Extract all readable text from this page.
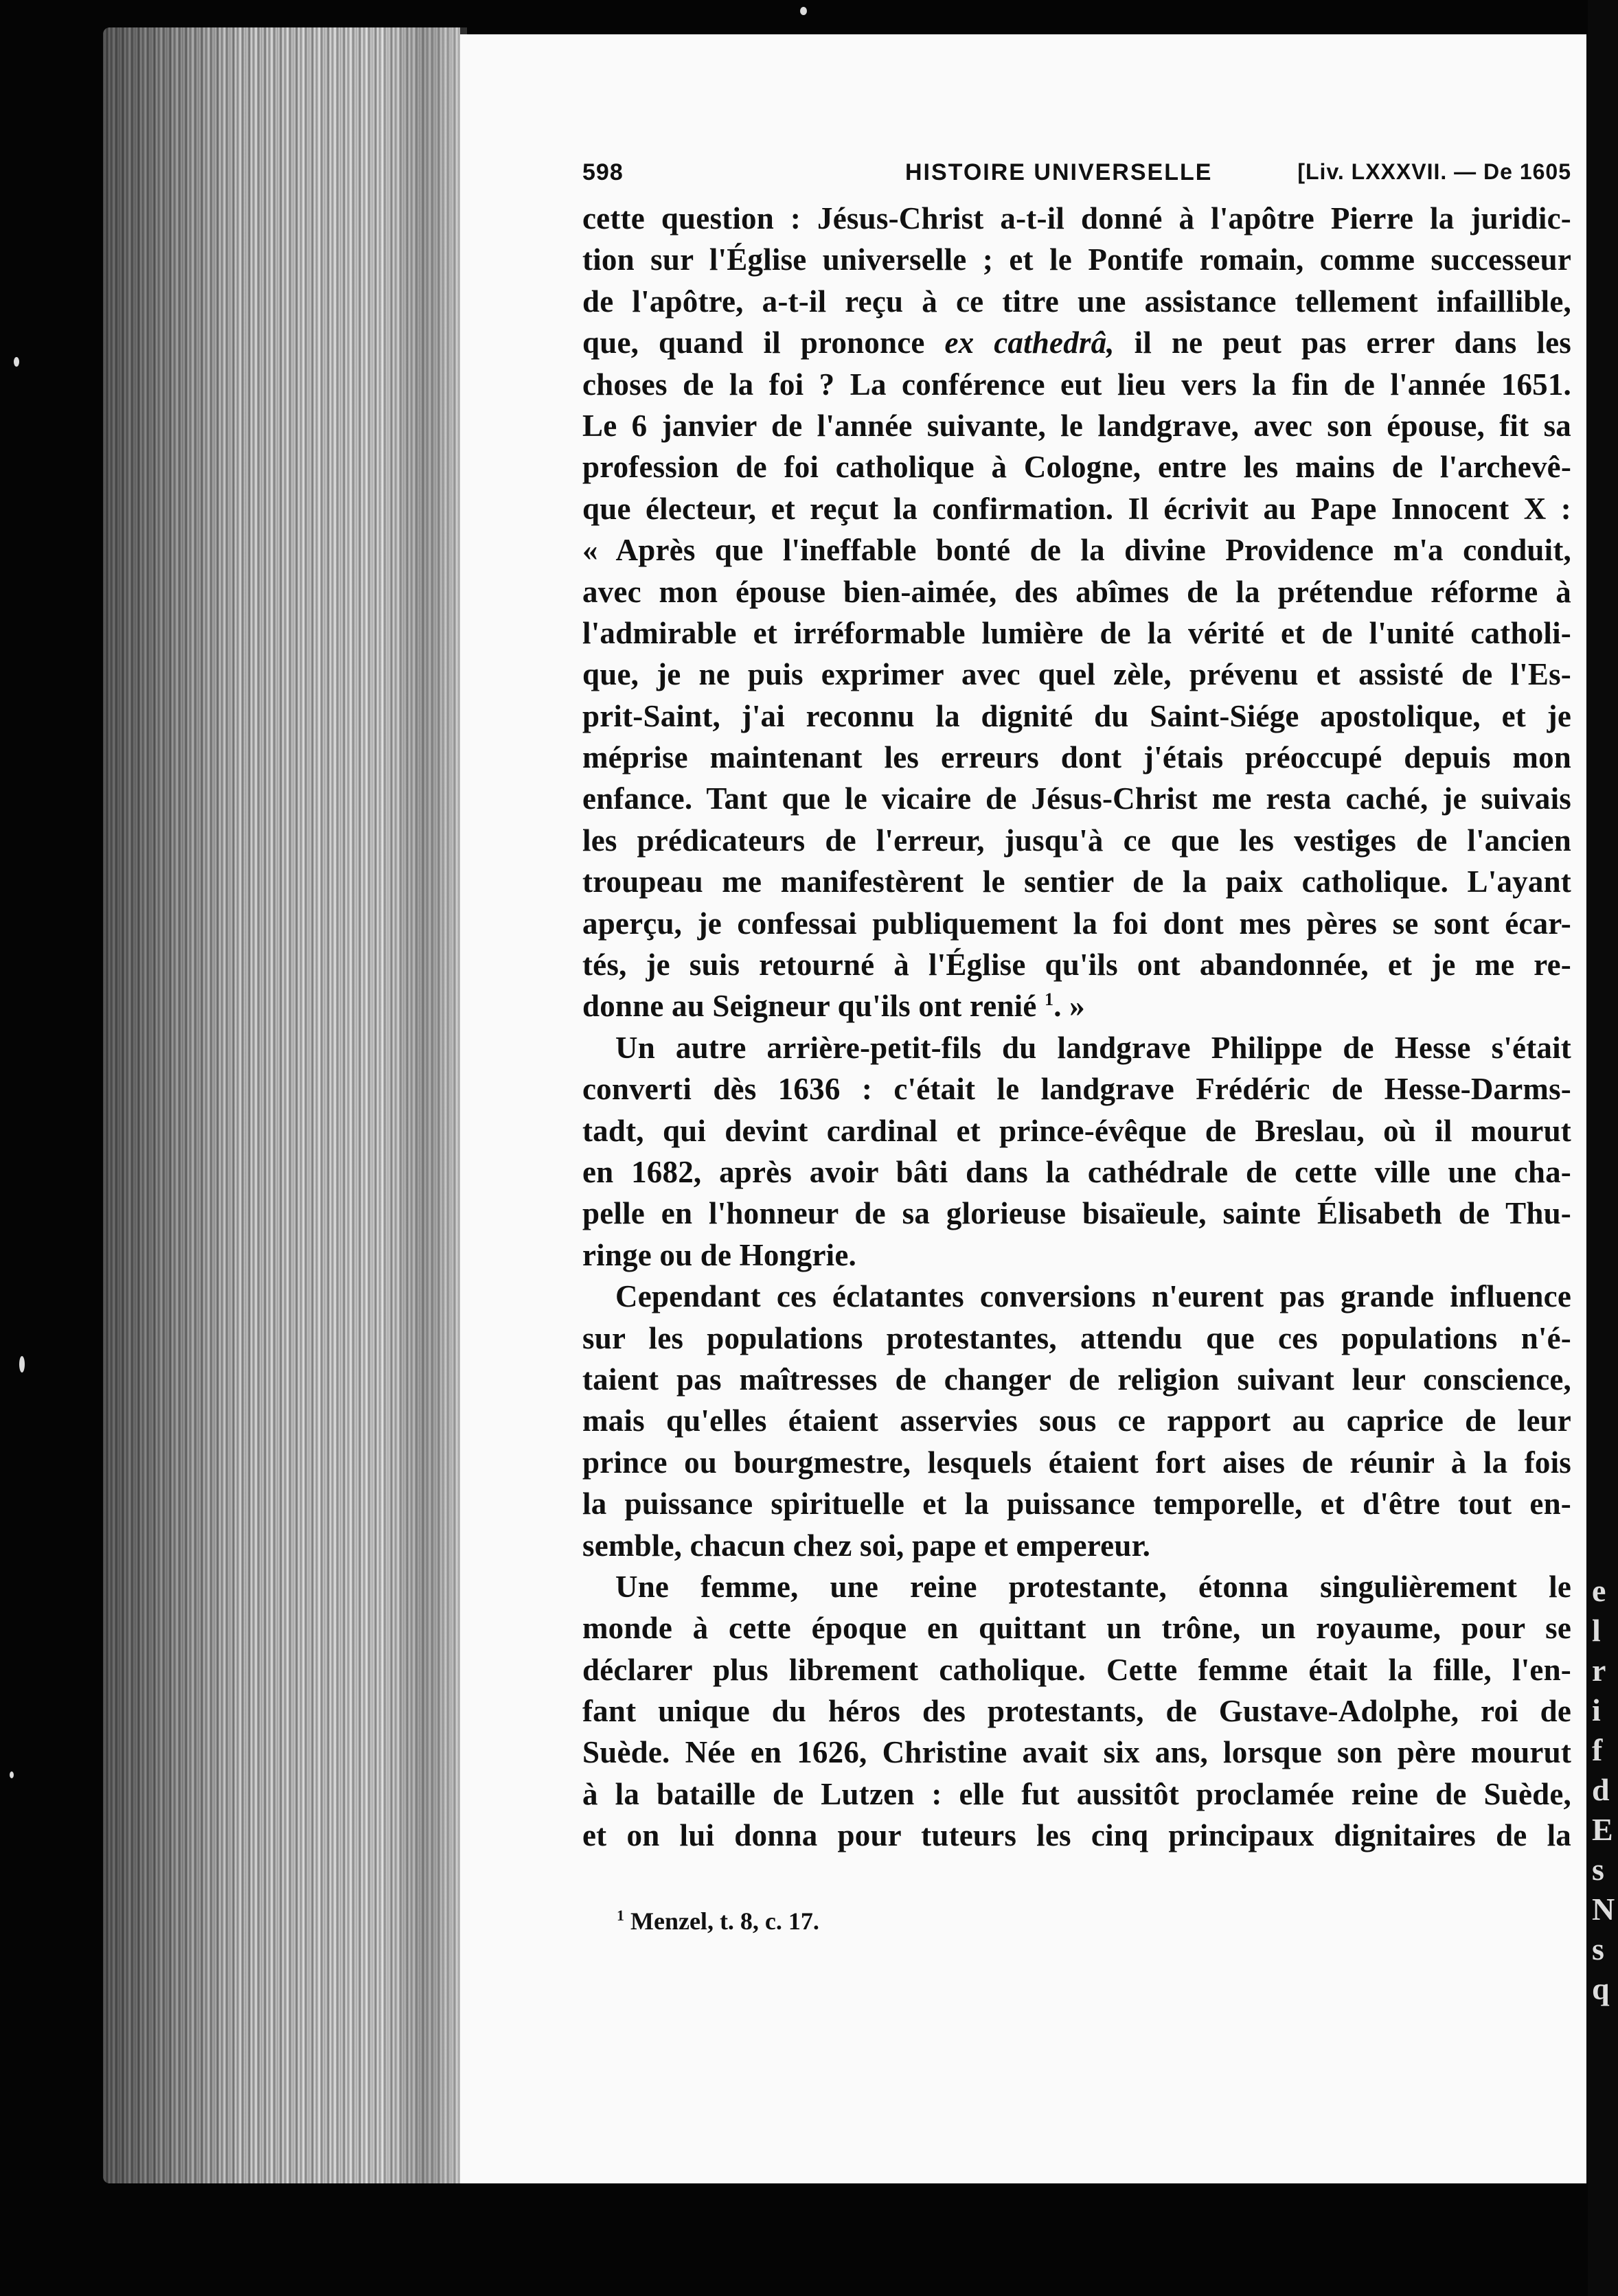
e
l
r
i
f
d
E
s
N
s
q
598	HISTOIRE UNIVERSELLE	[Liv. LXXXVII. — De 1605
cette question : Jésus-Christ a-t-il donné à l'apôtre Pierre la juridic-
tion sur l'Église universelle ; et le Pontife romain, comme successeur
de l'apôtre, a-t-il reçu à ce titre une assistance tellement infaillible,
que, quand il prononce ex cathedrâ, il ne peut pas errer dans les
choses de la foi ? La conférence eut lieu vers la fin de l'année 1651.
Le 6 janvier de l'année suivante, le landgrave, avec son épouse, fit sa
profession de foi catholique à Cologne, entre les mains de l'archevê-
que électeur, et reçut la confirmation. Il écrivit au Pape Innocent X :
« Après que l'ineffable bonté de la divine Providence m'a conduit,
avec mon épouse bien-aimée, des abîmes de la prétendue réforme à
l'admirable et irréformable lumière de la vérité et de l'unité catholi-
que, je ne puis exprimer avec quel zèle, prévenu et assisté de l'Es-
prit-Saint, j'ai reconnu la dignité du Saint-Siége apostolique, et je
méprise maintenant les erreurs dont j'étais préoccupé depuis mon
enfance. Tant que le vicaire de Jésus-Christ me resta caché, je suivais
les prédicateurs de l'erreur, jusqu'à ce que les vestiges de l'ancien
troupeau me manifestèrent le sentier de la paix catholique. L'ayant
aperçu, je confessai publiquement la foi dont mes pères se sont écar-
tés, je suis retourné à l'Église qu'ils ont abandonnée, et je me re-
donne au Seigneur qu'ils ont renié $^1$. »
Un autre arrière-petit-fils du landgrave Philippe de Hesse s'était
converti dès 1636 : c'était le landgrave Frédéric de Hesse-Darms-
tadt, qui devint cardinal et prince-évêque de Breslau, où il mourut
en 1682, après avoir bâti dans la cathédrale de cette ville une cha-
pelle en l'honneur de sa glorieuse bisaïeule, sainte Élisabeth de Thu-
ringe ou de Hongrie.
Cependant ces éclatantes conversions n'eurent pas grande influence
sur les populations protestantes, attendu que ces populations n'é-
taient pas maîtresses de changer de religion suivant leur conscience,
mais qu'elles étaient asservies sous ce rapport au caprice de leur
prince ou bourgmestre, lesquels étaient fort aises de réunir à la fois
la puissance spirituelle et la puissance temporelle, et d'être tout en-
semble, chacun chez soi, pape et empereur.
Une femme, une reine protestante, étonna singulièrement le
monde à cette époque en quittant un trône, un royaume, pour se
déclarer plus librement catholique. Cette femme était la fille, l'en-
fant unique du héros des protestants, de Gustave-Adolphe, roi de
Suède. Née en 1626, Christine avait six ans, lorsque son père mourut
à la bataille de Lutzen : elle fut aussitôt proclamée reine de Suède,
et on lui donna pour tuteurs les cinq principaux dignitaires de la
$^1$ Menzel, t. 8, c. 17.
